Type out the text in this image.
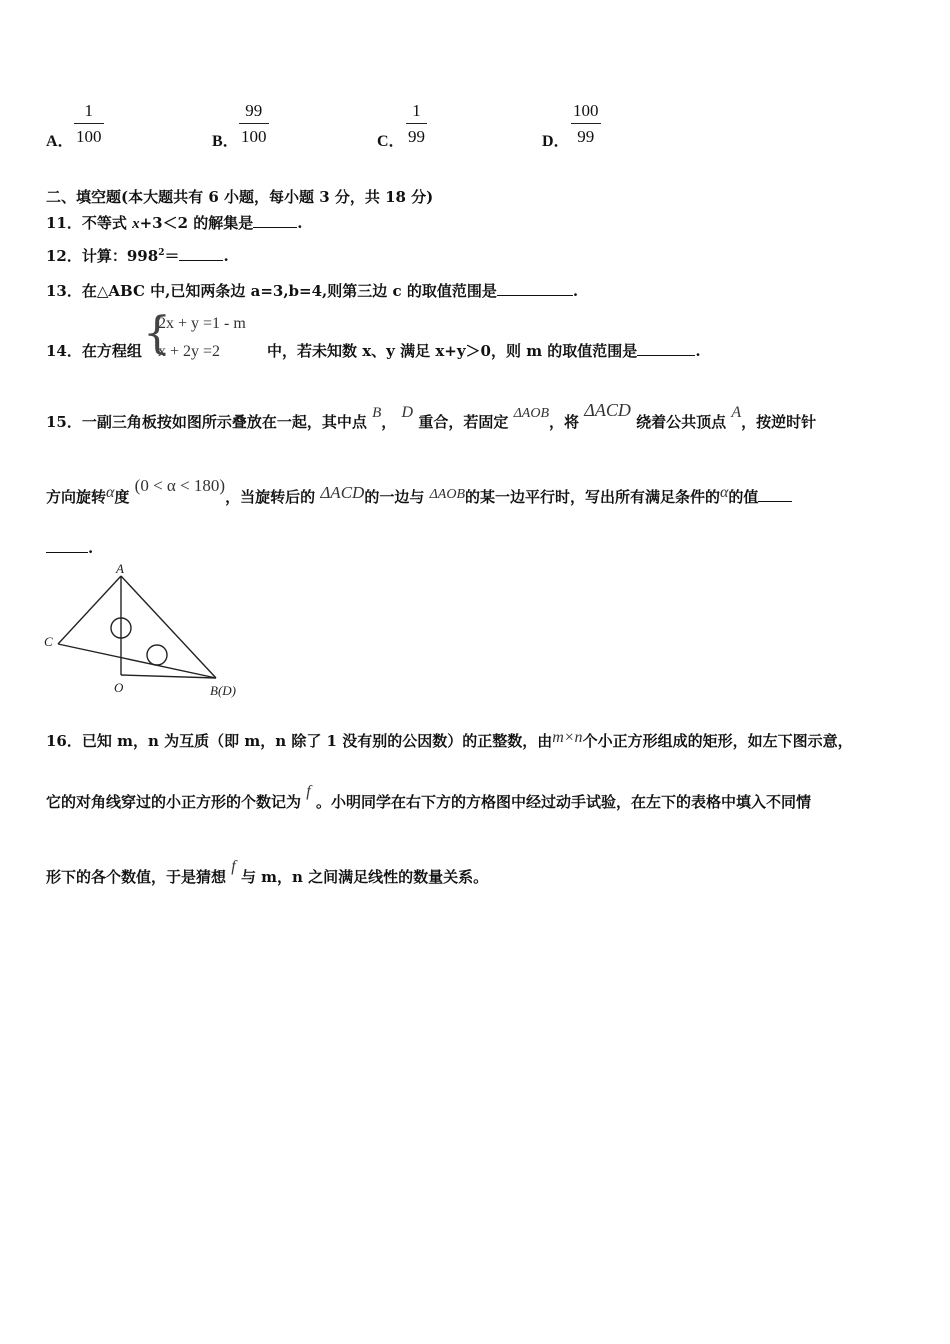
A．
1
100	B．
99
100	C．
1
99	D．
100
99
二、填空题(本大题共有 6 小题，每小题 3 分，共 18 分)
11．不等式 x+3＜2 的解集是	.
12．计算：$998^2=$	.
13．在△ABC 中,已知两条边 a=3,b=4,则第三边 c 的取值范围是	.
14．在方程组 {
2x + y =1 - m
x + 2y =2	中，若未知数 x、y 满足 x+y＞0，则 m 的取值范围是	.
15．一副三角板按如图所示叠放在一起，其中点 B， D 重合，若固定 ΔAOB，将 ΔACD 绕着公共顶点 A，按逆时针
方向旋转α度 (0 < α < 180)，当旋转后的 ΔACD的一边与 ΔAOB的某一边平行时，写出所有满足条件的α的值
.
A
C
O	B(D)
16．已知 m，n 为互质（即 m，n 除了 1 没有别的公因数）的正整数，由m×n个小正方形组成的矩形，如左下图示意，
它的对角线穿过的小正方形的个数记为 f 。小明同学在右下方的方格图中经过动手试验，在左下的表格中填入不同情
形下的各个数值，于是猜想 f 与 m，n 之间满足线性的数量关系。
